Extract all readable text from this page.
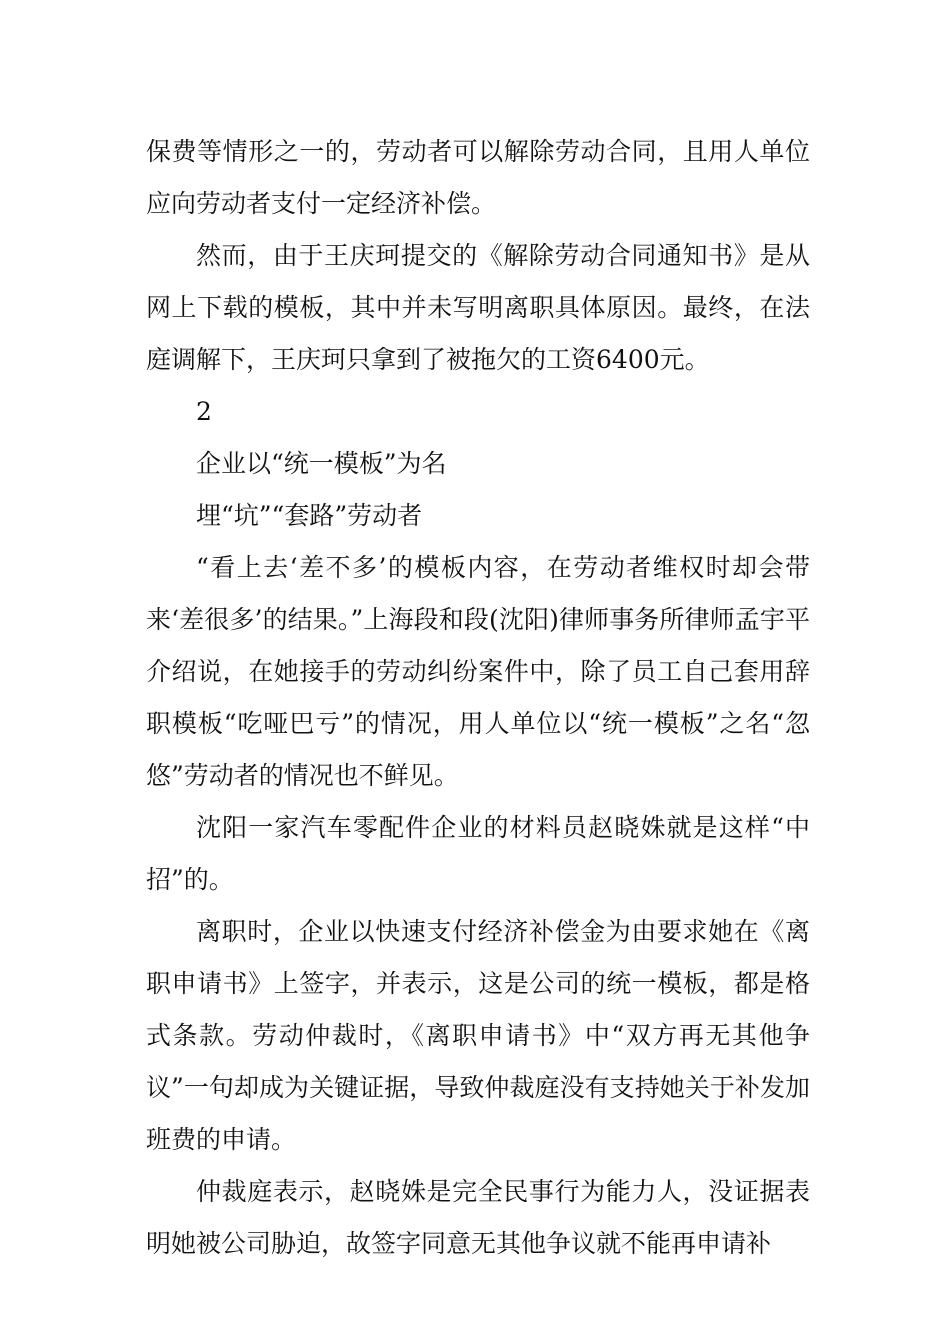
保费等情形之一的，劳动者可以解除劳动合同，且用人单位应向劳动者支付一定经济补偿。

然而，由于王庆珂提交的《解除劳动合同通知书》是从网上下载的模板，其中并未写明离职具体原因。最终，在法庭调解下，王庆珂只拿到了被拖欠的工资6400元。

2

企业以“统一模板”为名

埋“坑”“套路”劳动者

“看上去‘差不多’的模板内容，在劳动者维权时却会带来‘差很多’的结果。”上海段和段(沈阳)律师事务所律师孟宇平介绍说，在她接手的劳动纠纷案件中，除了员工自己套用辞职模板“吃哑巴亏”的情况，用人单位以“统一模板”之名“忽悠”劳动者的情况也不鲜见。

沈阳一家汽车零配件企业的材料员赵晓姝就是这样“中招”的。

离职时，企业以快速支付经济补偿金为由要求她在《离职申请书》上签字，并表示，这是公司的统一模板，都是格式条款。劳动仲裁时，《离职申请书》中“双方再无其他争议”一句却成为关键证据，导致仲裁庭没有支持她关于补发加班费的申请。

仲裁庭表示，赵晓姝是完全民事行为能力人，没证据表明她被公司胁迫，故签字同意无其他争议就不能再申请补
